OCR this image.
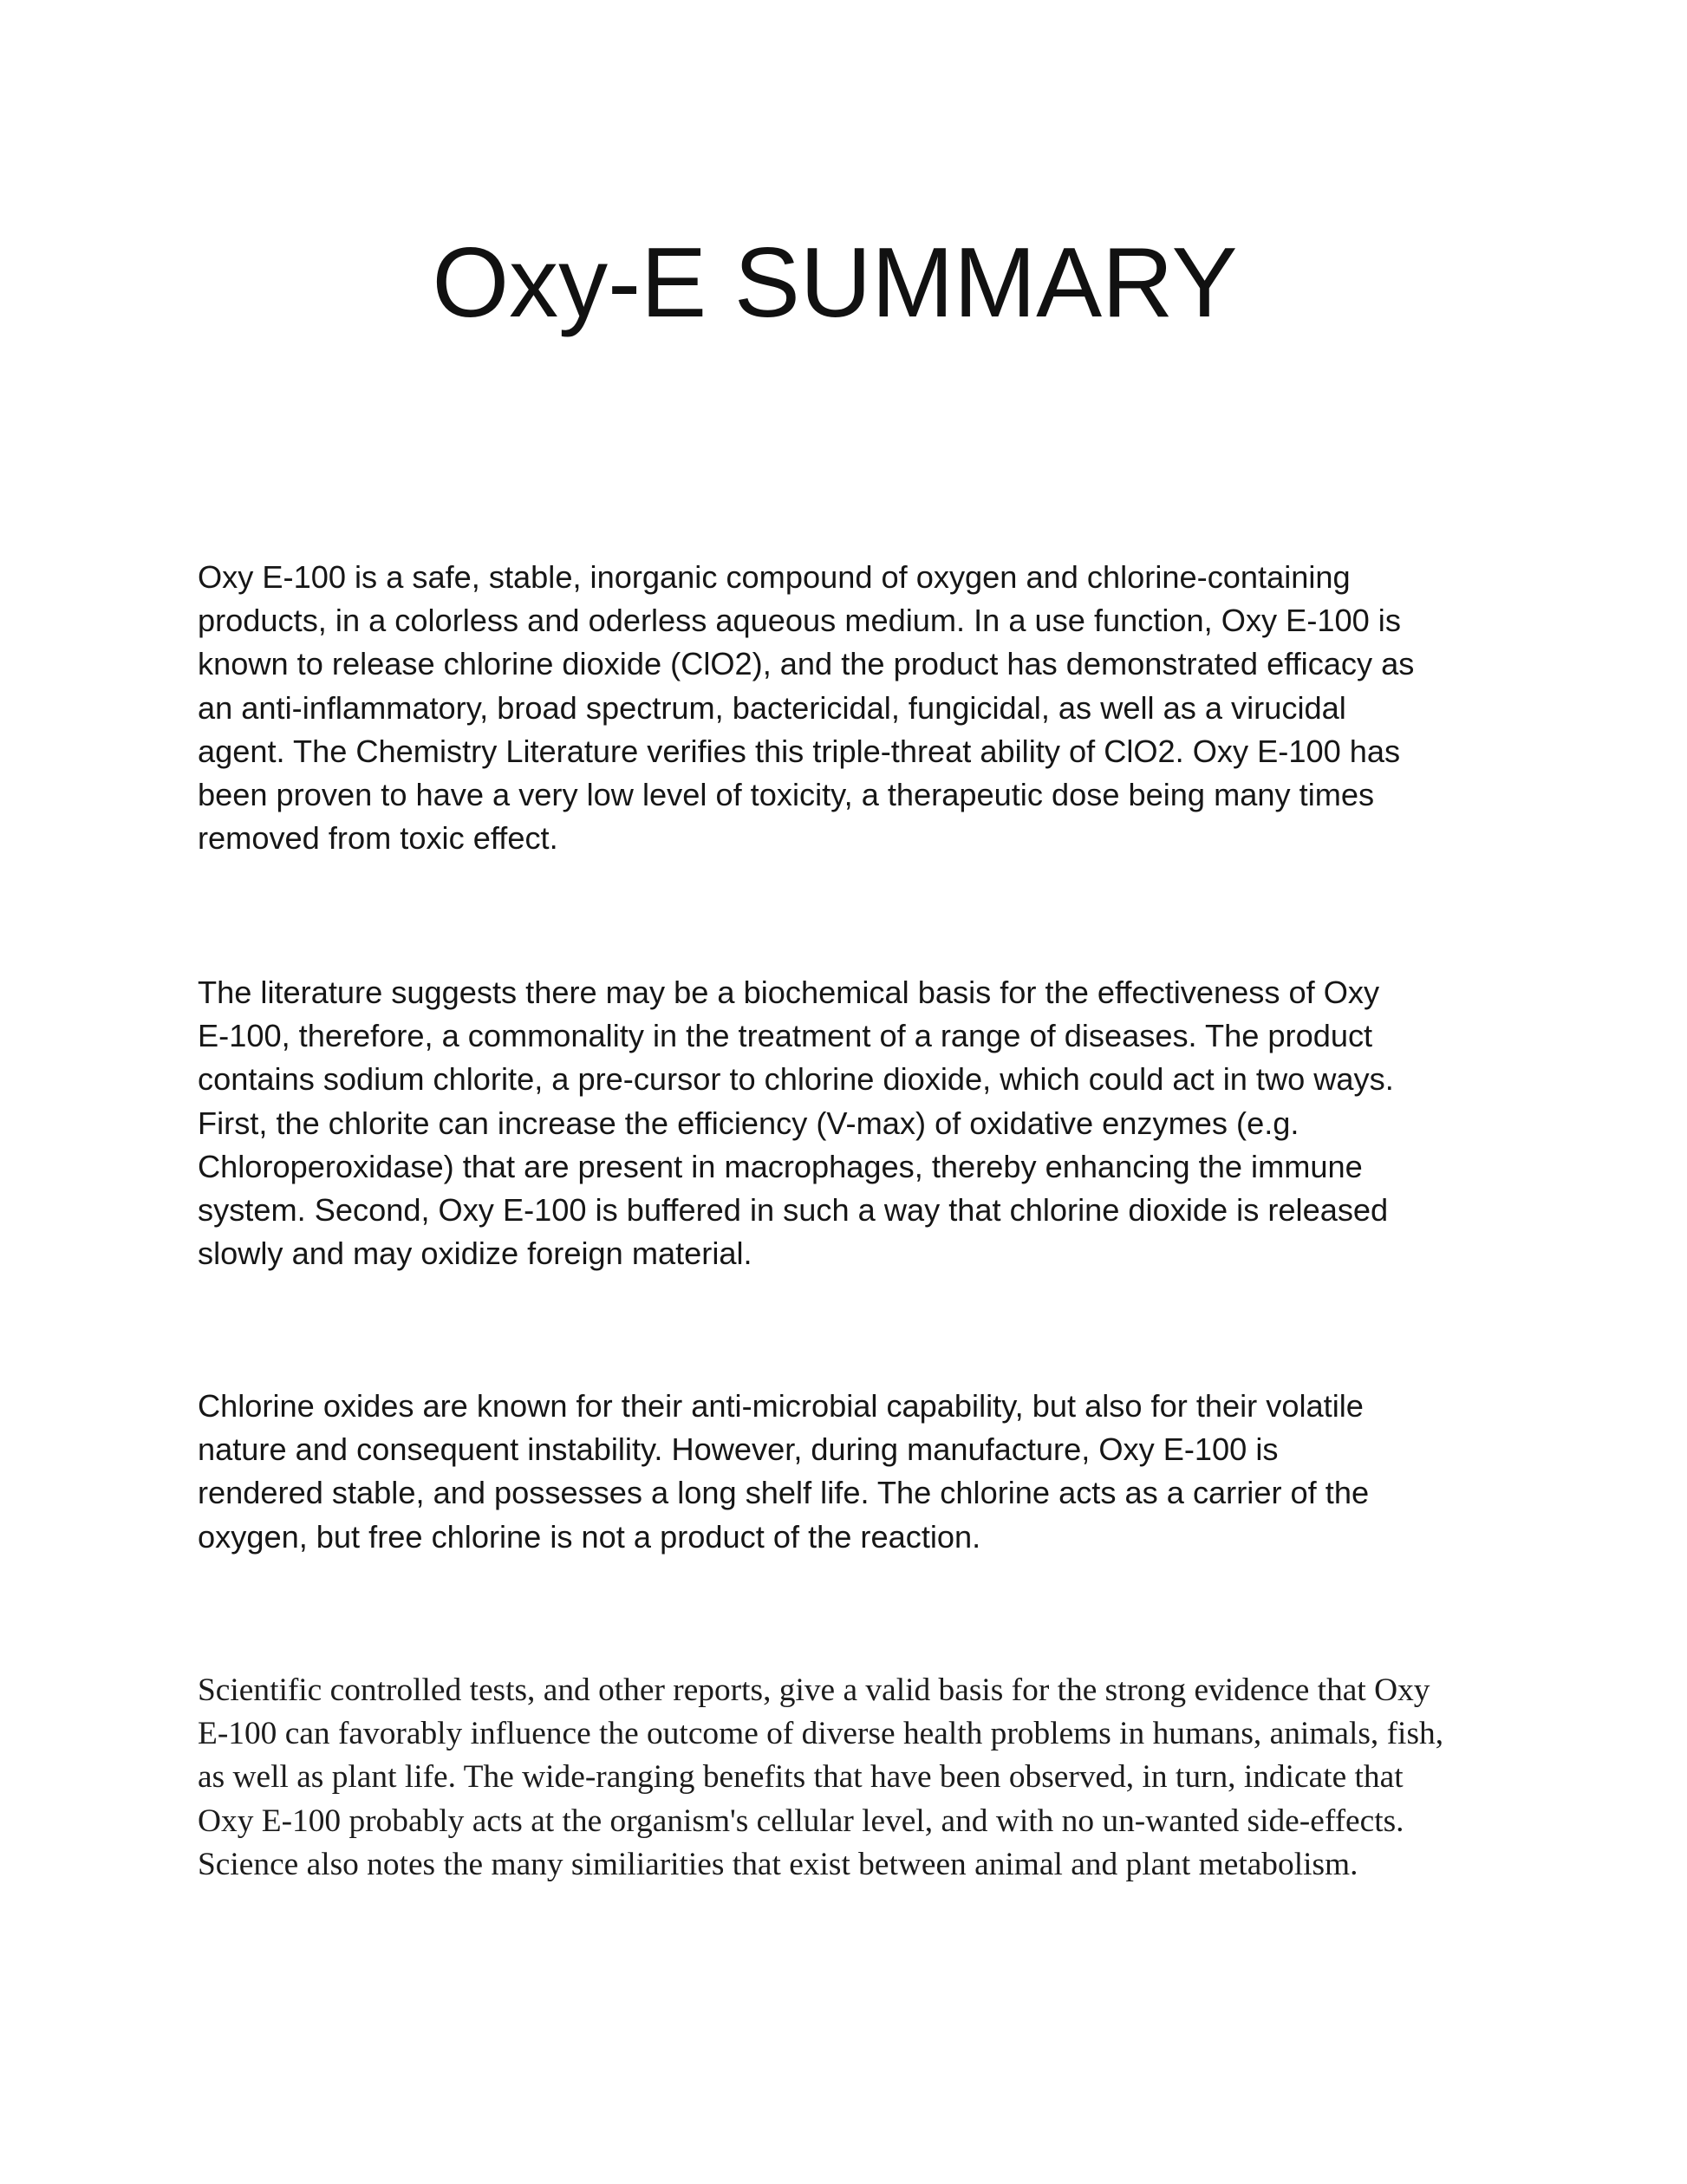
Oxy-E SUMMARY

Oxy E-100 is a safe, stable, inorganic compound of oxygen and chlorine-containing
products, in a colorless and oderless aqueous medium. In a use function, Oxy E-100 is
known to release chlorine dioxide (ClO2), and the product has demonstrated efficacy as
an anti-inflammatory, broad spectrum, bactericidal, fungicidal, as well as a virucidal
agent. The Chemistry Literature verifies this triple-threat ability of ClO2. Oxy E-100 has
been proven to have a very low level of toxicity, a therapeutic dose being many times
removed from toxic effect.

The literature suggests there may be a biochemical basis for the effectiveness of Oxy
E-100, therefore, a commonality in the treatment of a range of diseases. The product
contains sodium chlorite, a pre-cursor to chlorine dioxide, which could act in two ways.
First, the chlorite can increase the efficiency (V-max) of oxidative enzymes (e.g.
Chloroperoxidase) that are present in macrophages, thereby enhancing the immune
system. Second, Oxy E-100 is buffered in such a way that chlorine dioxide is released
slowly and may oxidize foreign material.

Chlorine oxides are known for their anti-microbial capability, but also for their volatile
nature and consequent instability. However, during manufacture, Oxy E-100 is
rendered stable, and possesses a long shelf life. The chlorine acts as a carrier of the
oxygen, but free chlorine is not a product of the reaction.

Scientific controlled tests, and other reports, give a valid basis for the strong evidence that Oxy
E-100 can favorably influence the outcome of diverse health problems in humans, animals, fish,
as well as plant life. The wide-ranging benefits that have been observed, in turn, indicate that
Oxy E-100 probably acts at the organism's cellular level, and with no un-wanted side-effects.
Science also notes the many similiarities that exist between animal and plant metabolism.
